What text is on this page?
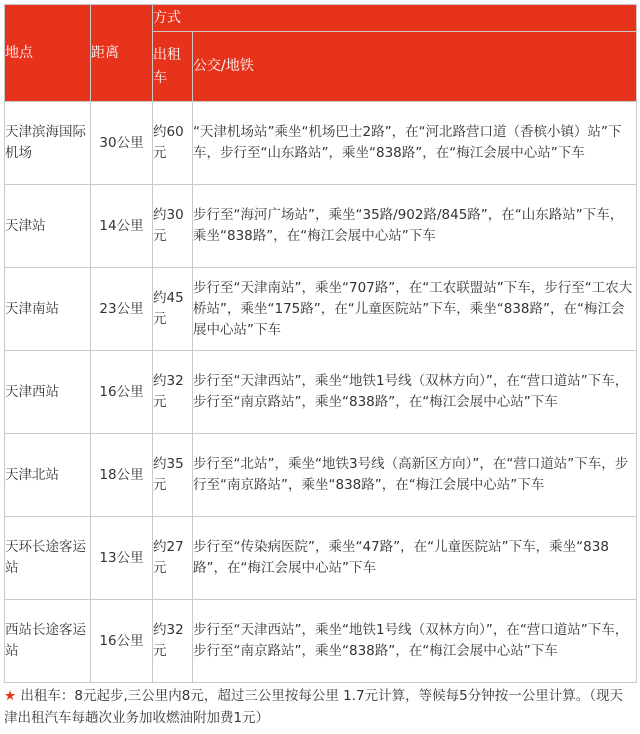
地点	距离	方式	
		出租车	公交/地铁
天津滨海国际机场	30公里	约60元	“天津机场站”乘坐“机场巴士2路”，在“河北路营口道（香槟小镇）站”下车，步行至“山东路站”，乘坐“838路”，在“梅江会展中心站”下车
天津站	14公里	约30元	步行至“海河广场站”，乘坐“35路/902路/845路”，在“山东路站”下车，乘坐“838路”，在“梅江会展中心站”下车
天津南站	23公里	约45元	步行至“天津南站”，乘坐“707路”，在“工农联盟站”下车，步行至“工农大桥站”，乘坐“175路”，在“儿童医院站”下车，乘坐“838路”，在“梅江会展中心站”下车
天津西站	16公里	约32元	步行至“天津西站”，乘坐“地铁1号线（双林方向）”，在“营口道站”下车，步行至“南京路站”，乘坐“838路”，在“梅江会展中心站”下车
天津北站	18公里	约35元	步行至“北站”，乘坐“地铁3号线（高新区方向）”，在“营口道站”下车，步行至“南京路站”，乘坐“838路”，在“梅江会展中心站”下车
天环长途客运站	13公里	约27元	步行至“传染病医院”，乘坐“47路”，在“儿童医院站”下车，乘坐“838路”，在“梅江会展中心站”下车
西站长途客运站	16公里	约32元	步行至“天津西站”，乘坐“地铁1号线（双林方向）”，在“营口道站”下车，步行至“南京路站”，乘坐“838路”，在“梅江会展中心站”下车
★ 出租车：8元起步,三公里内8元，超过三公里按每公里 1.7元计算，等候每5分钟按一公里计算。（现天津出租汽车每趟次业务加收燃油附加费1元）
